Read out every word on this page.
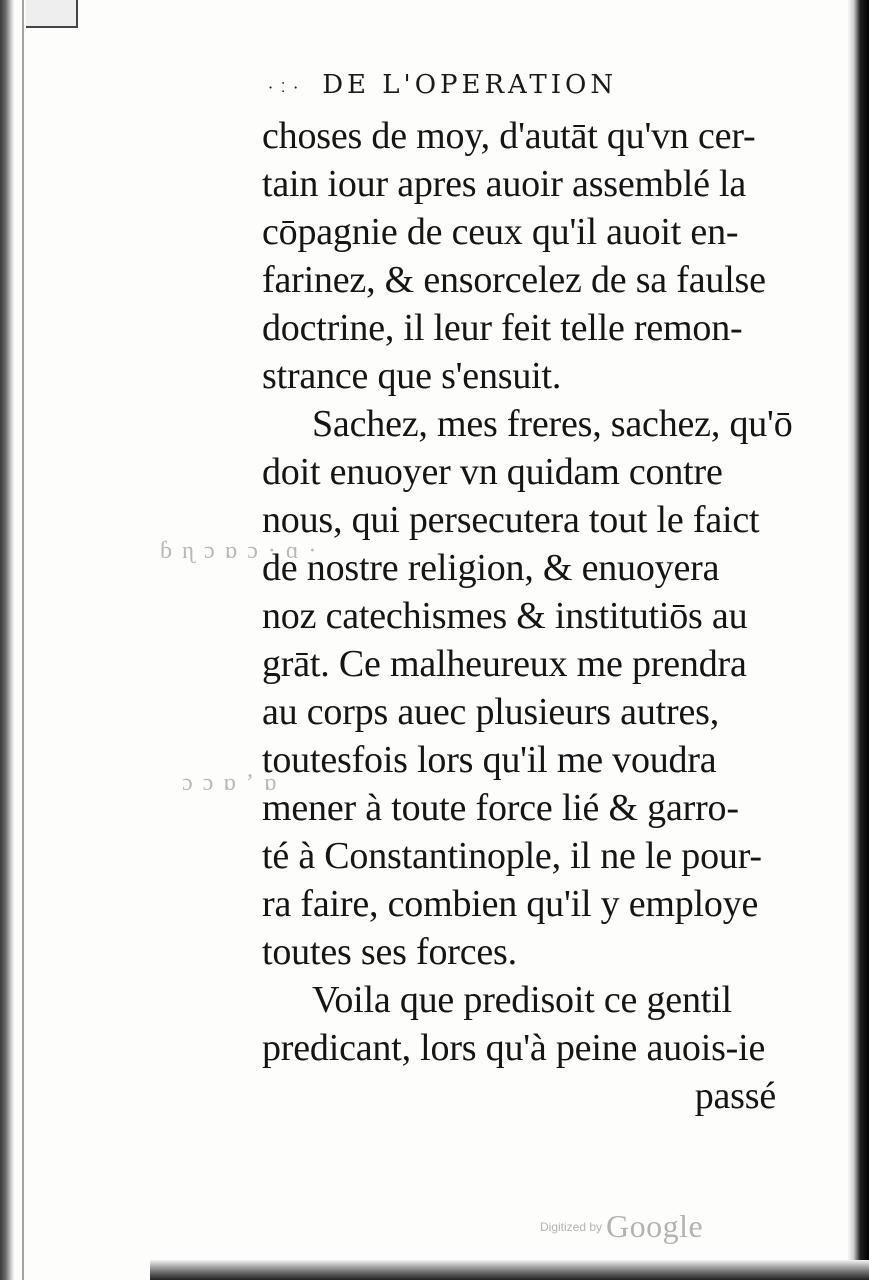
ɓ ɳ ɔ ɒ ɔ · ɑ ·
ɔ ɔ ɒ ʼ ɒ
·︰· DE L'OPERATION
choses de moy, d'autāt qu'vn cer-
tain iour apres auoir assemblé la
cōpagnie de ceux qu'il auoit en-
farinez, & ensorcelez de sa faulse
doctrine, il leur feit telle remon-
strance que s'ensuit.
Sachez, mes freres, sachez, qu'ō
doit enuoyer vn quidam contre
nous, qui persecutera tout le faict
de nostre religion, & enuoyera
noz catechismes & institutiōs au
grāt. Ce malheureux me prendra
au corps auec plusieurs autres,
toutesfois lors qu'il me voudra
mener à toute force lié & garro-
té à Constantinople, il ne le pour-
ra faire, combien qu'il y employe
toutes ses forces.
Voila que predisoit ce gentil
predicant, lors qu'à peine auois-ie
passé
Digitized by Google
